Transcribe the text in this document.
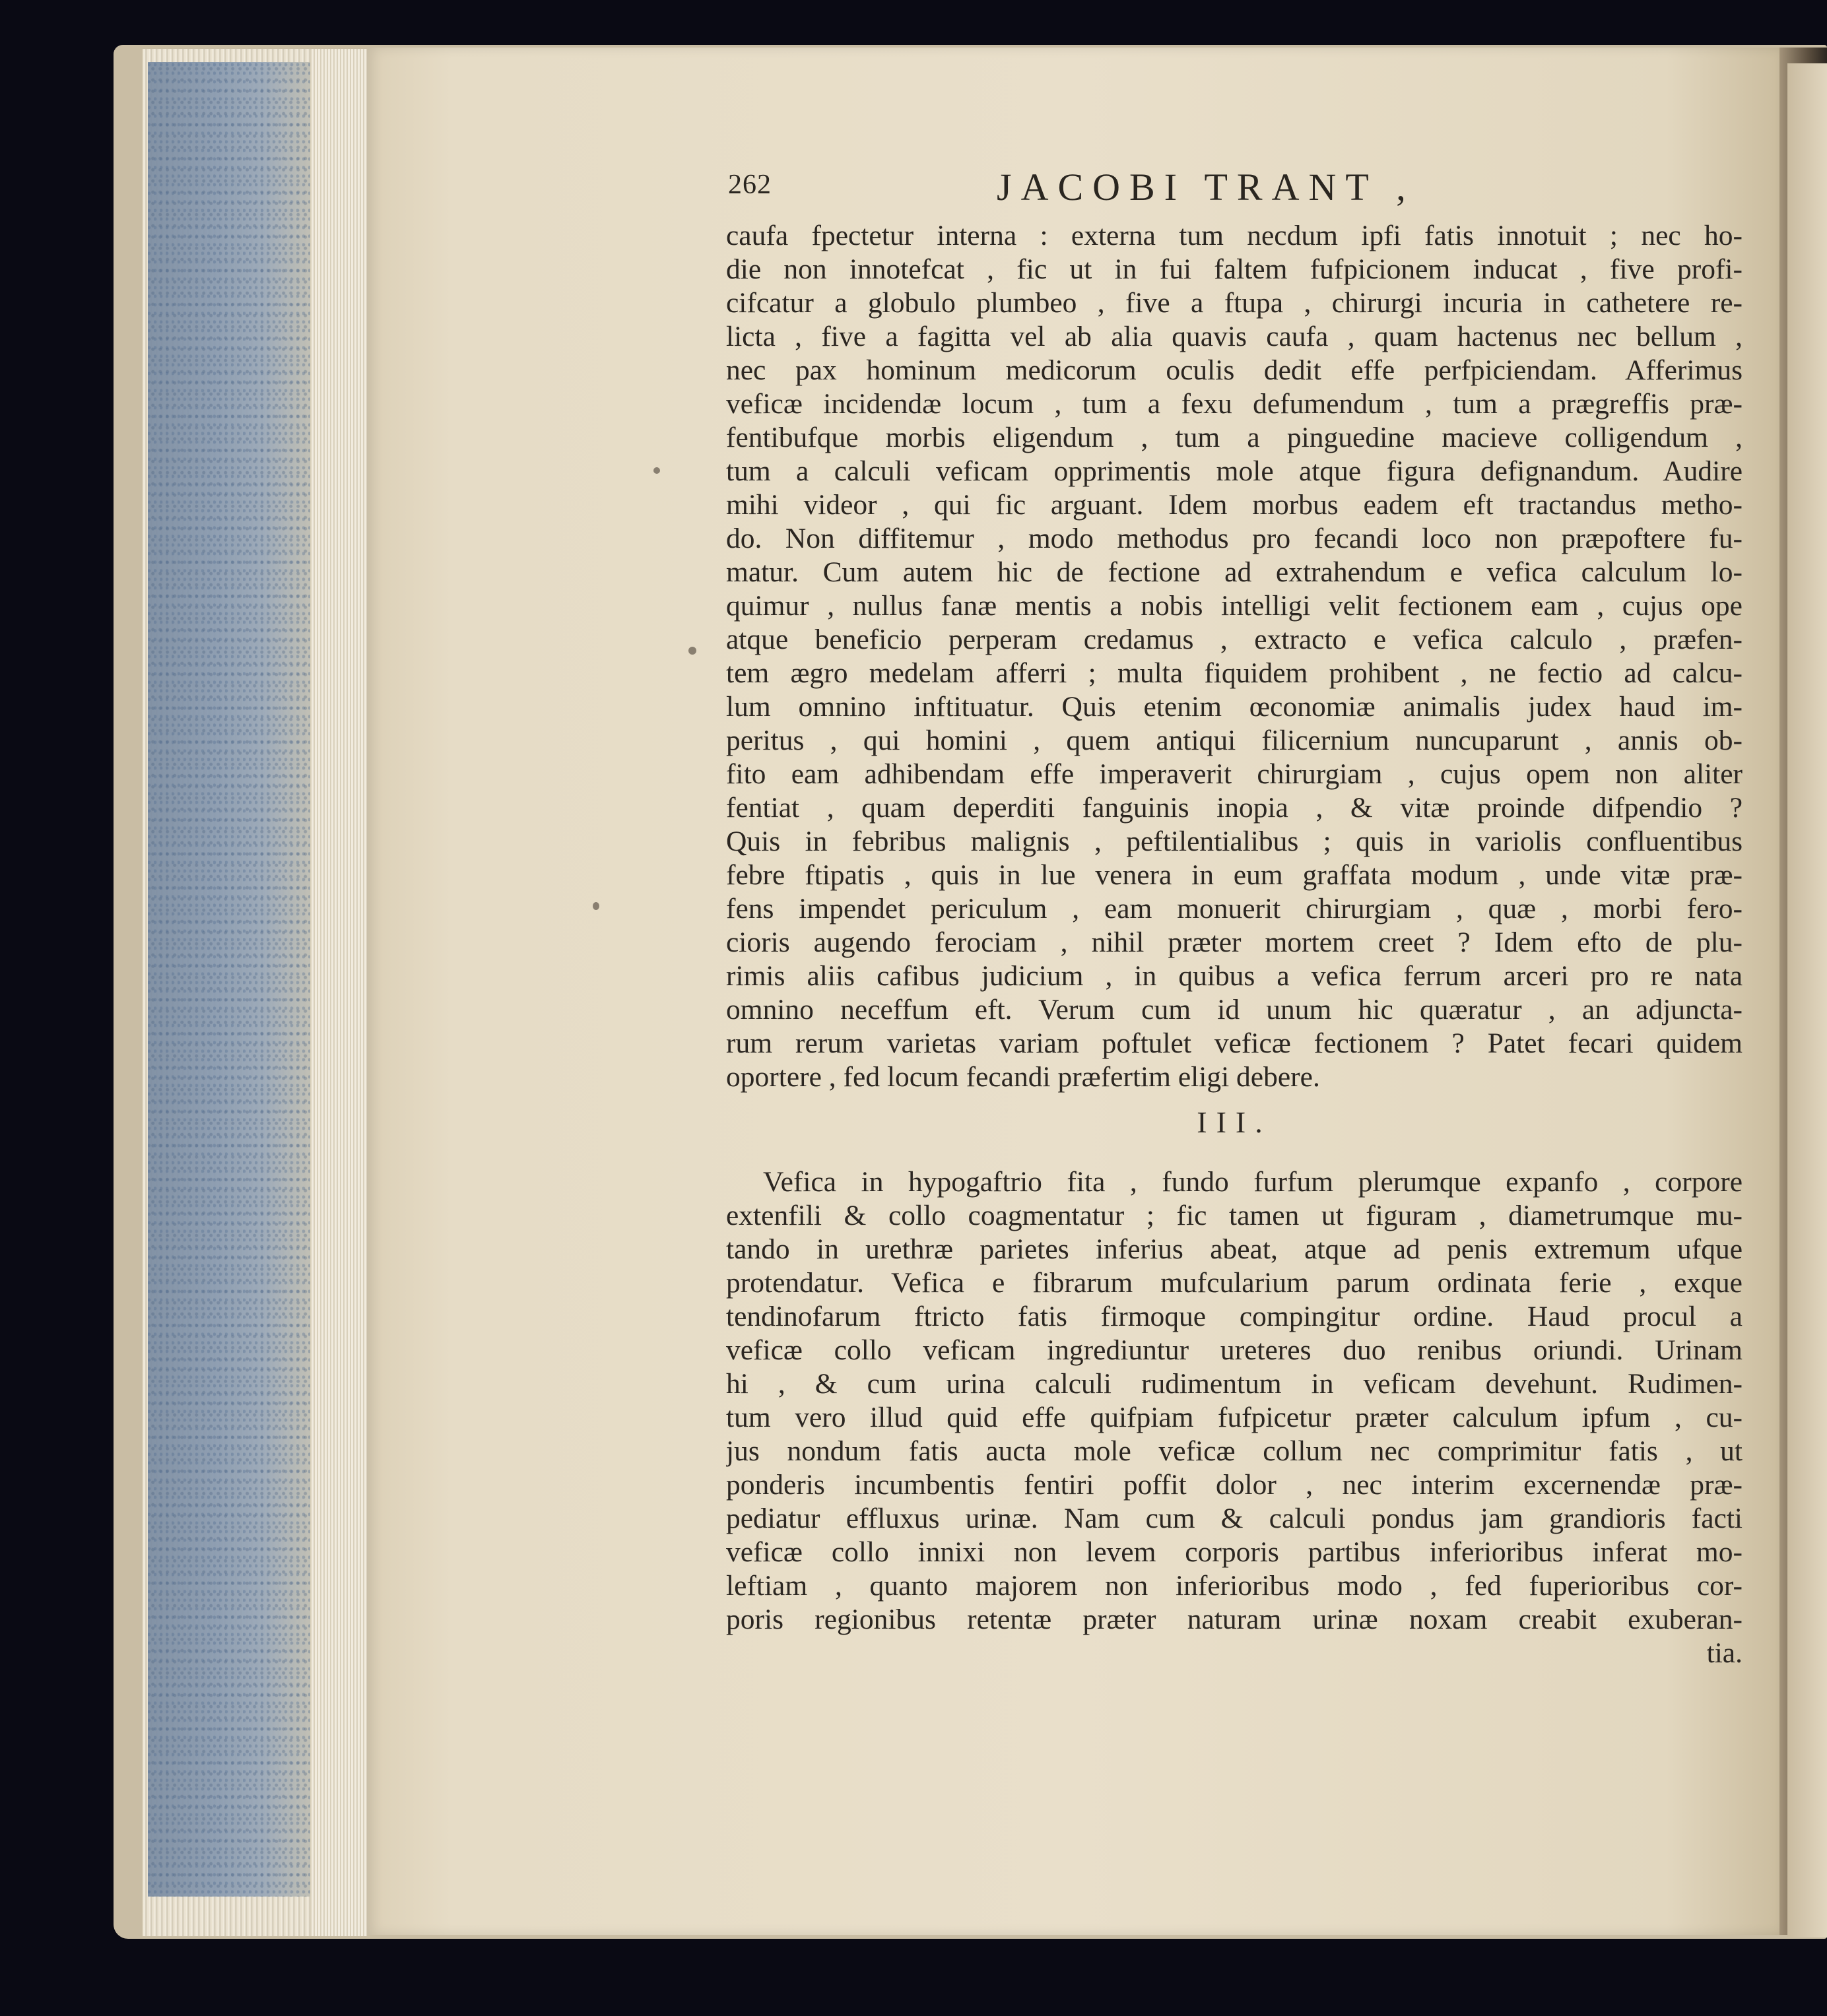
262	JACOBI TRANT ,
caufa fpectetur interna : externa tum necdum ipfi fatis innotuit ; nec ho-
die non innotefcat , fic ut in fui faltem fufpicionem inducat , five profi-
cifcatur a globulo plumbeo , five a ftupa , chirurgi incuria in cathetere re-
licta , five a fagitta vel ab alia quavis caufa , quam hactenus nec bellum ,
nec pax hominum medicorum oculis dedit effe perfpiciendam. Afferimus
veficæ incidendæ locum , tum a fexu defumendum , tum a prægreffis præ-
fentibufque morbis eligendum , tum a pinguedine macieve colligendum ,
tum a calculi veficam opprimentis mole atque figura defignandum. Audire
mihi videor , qui fic arguant. Idem morbus eadem eft tractandus metho-
do. Non diffitemur , modo methodus pro fecandi loco non præpoftere fu-
matur. Cum autem hic de fectione ad extrahendum e vefica calculum lo-
quimur , nullus fanæ mentis a nobis intelligi velit fectionem eam , cujus ope
atque beneficio perperam credamus , extracto e vefica calculo , præfen-
tem ægro medelam afferri ; multa fiquidem prohibent , ne fectio ad calcu-
lum omnino inftituatur. Quis etenim œconomiæ animalis judex haud im-
peritus , qui homini , quem antiqui filicernium nuncuparunt , annis ob-
fito eam adhibendam effe imperaverit chirurgiam , cujus opem non aliter
fentiat , quam deperditi fanguinis inopia , & vitæ proinde difpendio ?
Quis in febribus malignis , peftilentialibus ; quis in variolis confluentibus
febre ftipatis , quis in lue venera in eum graffata modum , unde vitæ præ-
fens impendet periculum , eam monuerit chirurgiam , quæ , morbi fero-
cioris augendo ferociam , nihil præter mortem creet ? Idem efto de plu-
rimis aliis cafibus judicium , in quibus a vefica ferrum arceri pro re nata
omnino neceffum eft. Verum cum id unum hic quæratur , an adjuncta-
rum rerum varietas variam poftulet veficæ fectionem ? Patet fecari quidem
oportere , fed locum fecandi præfertim eligi debere.
III.
Vefica in hypogaftrio fita , fundo furfum plerumque expanfo , corpore
extenfili & collo coagmentatur ; fic tamen ut figuram , diametrumque mu-
tando in urethræ parietes inferius abeat, atque ad penis extremum ufque
protendatur. Vefica e fibrarum mufcularium parum ordinata ferie , exque
tendinofarum ftricto fatis firmoque compingitur ordine. Haud procul a
veficæ collo veficam ingrediuntur ureteres duo renibus oriundi. Urinam
hi , & cum urina calculi rudimentum in veficam devehunt. Rudimen-
tum vero illud quid effe quifpiam fufpicetur præter calculum ipfum , cu-
jus nondum fatis aucta mole veficæ collum nec comprimitur fatis , ut
ponderis incumbentis fentiri poffit dolor , nec interim excernendæ præ-
pediatur effluxus urinæ. Nam cum & calculi pondus jam grandioris facti
veficæ collo innixi non levem corporis partibus inferioribus inferat mo-
leftiam , quanto majorem non inferioribus modo , fed fuperioribus cor-
poris regionibus retentæ præter naturam urinæ noxam creabit exuberan-
tia.
